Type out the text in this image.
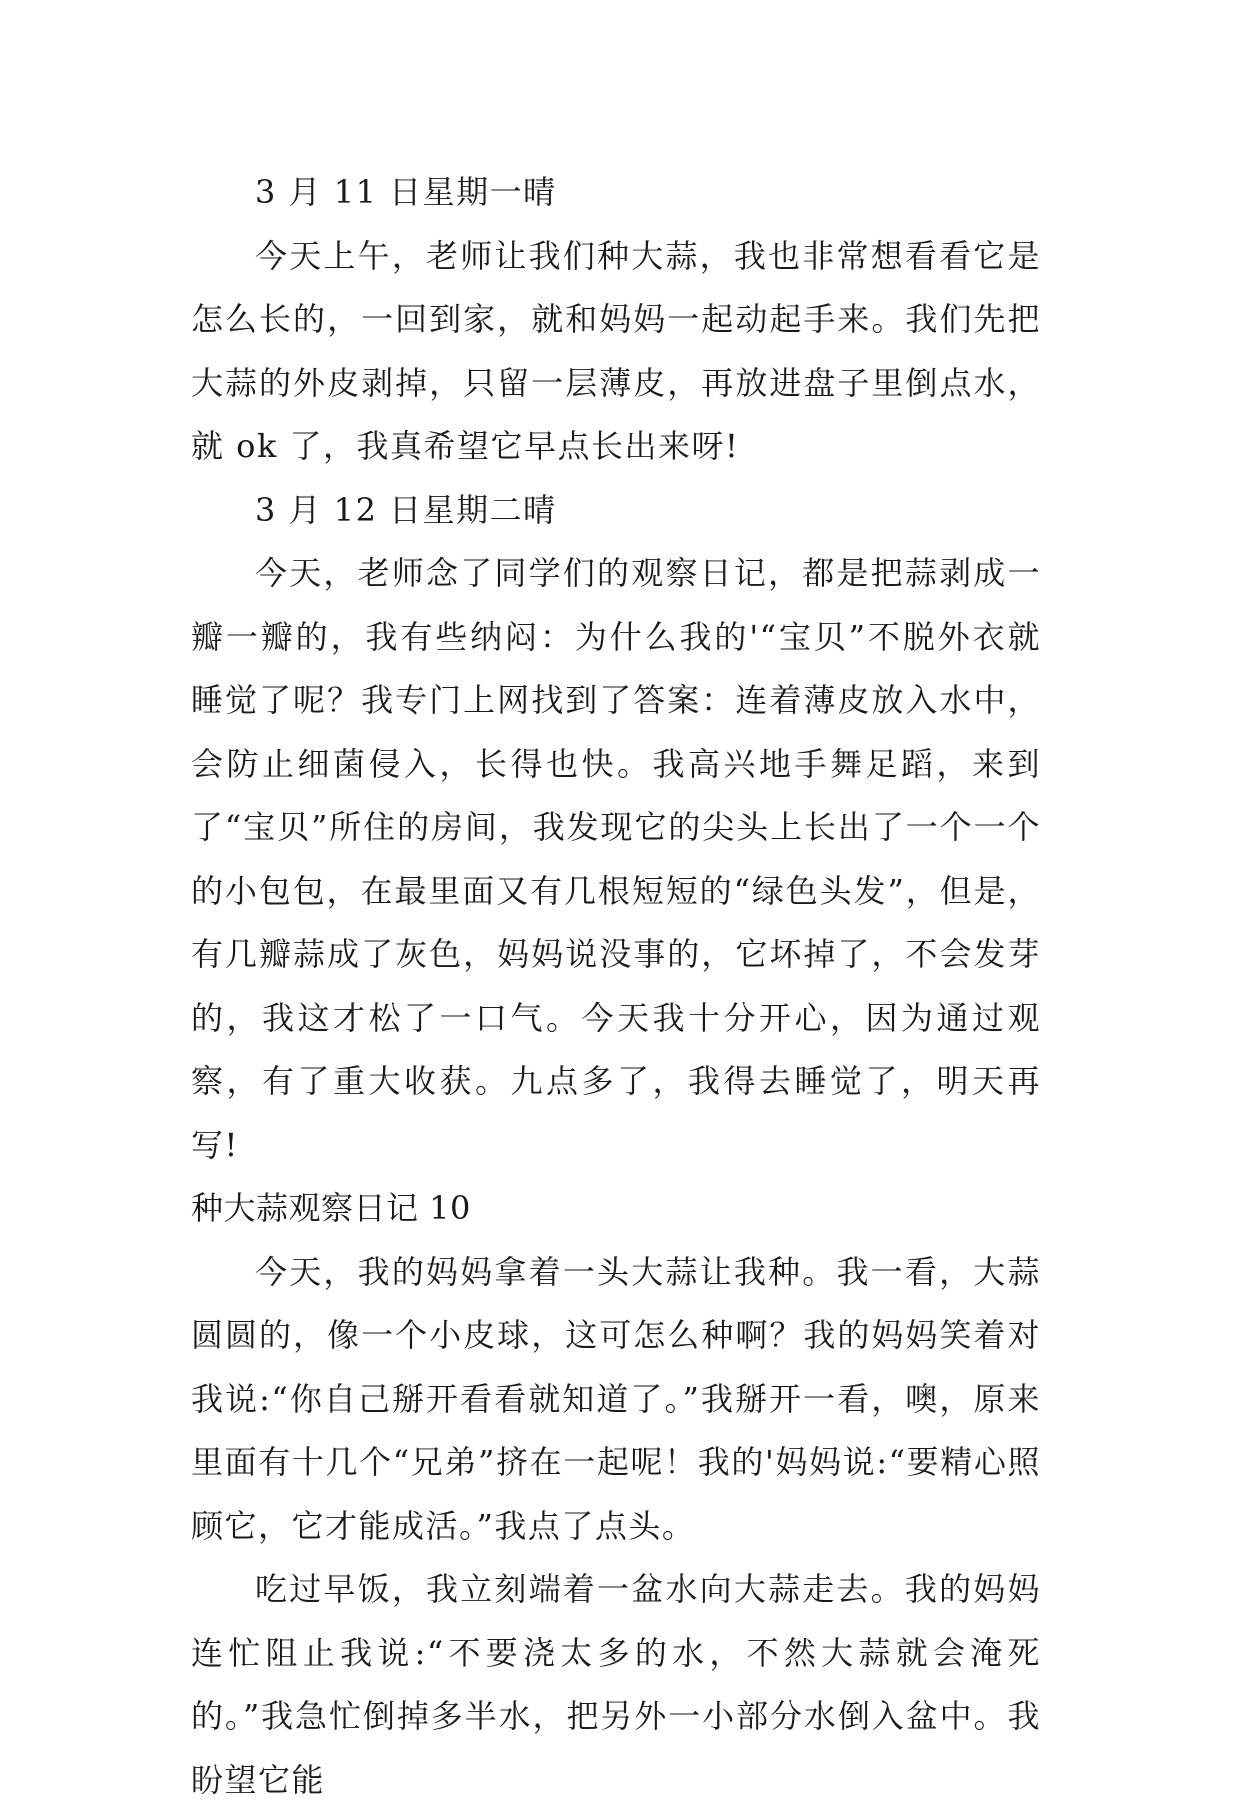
3 月 11 日星期一晴

今天上午，老师让我们种大蒜，我也非常想看看它是怎么长的，一回到家，就和妈妈一起动起手来。我们先把大蒜的外皮剥掉，只留一层薄皮，再放进盘子里倒点水，就 ok 了，我真希望它早点长出来呀!

3 月 12 日星期二晴

今天，老师念了同学们的观察日记，都是把蒜剥成一瓣一瓣的，我有些纳闷：为什么我的'“宝贝”不脱外衣就睡觉了呢？我专门上网找到了答案：连着薄皮放入水中，会防止细菌侵入，长得也快。我高兴地手舞足蹈，来到了“宝贝”所住的房间，我发现它的尖头上长出了一个一个的小包包，在最里面又有几根短短的“绿色头发”，但是，有几瓣蒜成了灰色，妈妈说没事的，它坏掉了，不会发芽的，我这才松了一口气。今天我十分开心，因为通过观察，有了重大收获。九点多了，我得去睡觉了，明天再写!

种大蒜观察日记 10

今天，我的妈妈拿着一头大蒜让我种。我一看，大蒜圆圆的，像一个小皮球，这可怎么种啊？我的妈妈笑着对我说:“你自己掰开看看就知道了。”我掰开一看，噢，原来里面有十几个“兄弟”挤在一起呢！我的'妈妈说:“要精心照顾它，它才能成活。”我点了点头。

吃过早饭，我立刻端着一盆水向大蒜走去。我的妈妈连忙阻止我说:“不要浇太多的水，不然大蒜就会淹死的。”我急忙倒掉多半水，把另外一小部分水倒入盆中。我盼望它能
